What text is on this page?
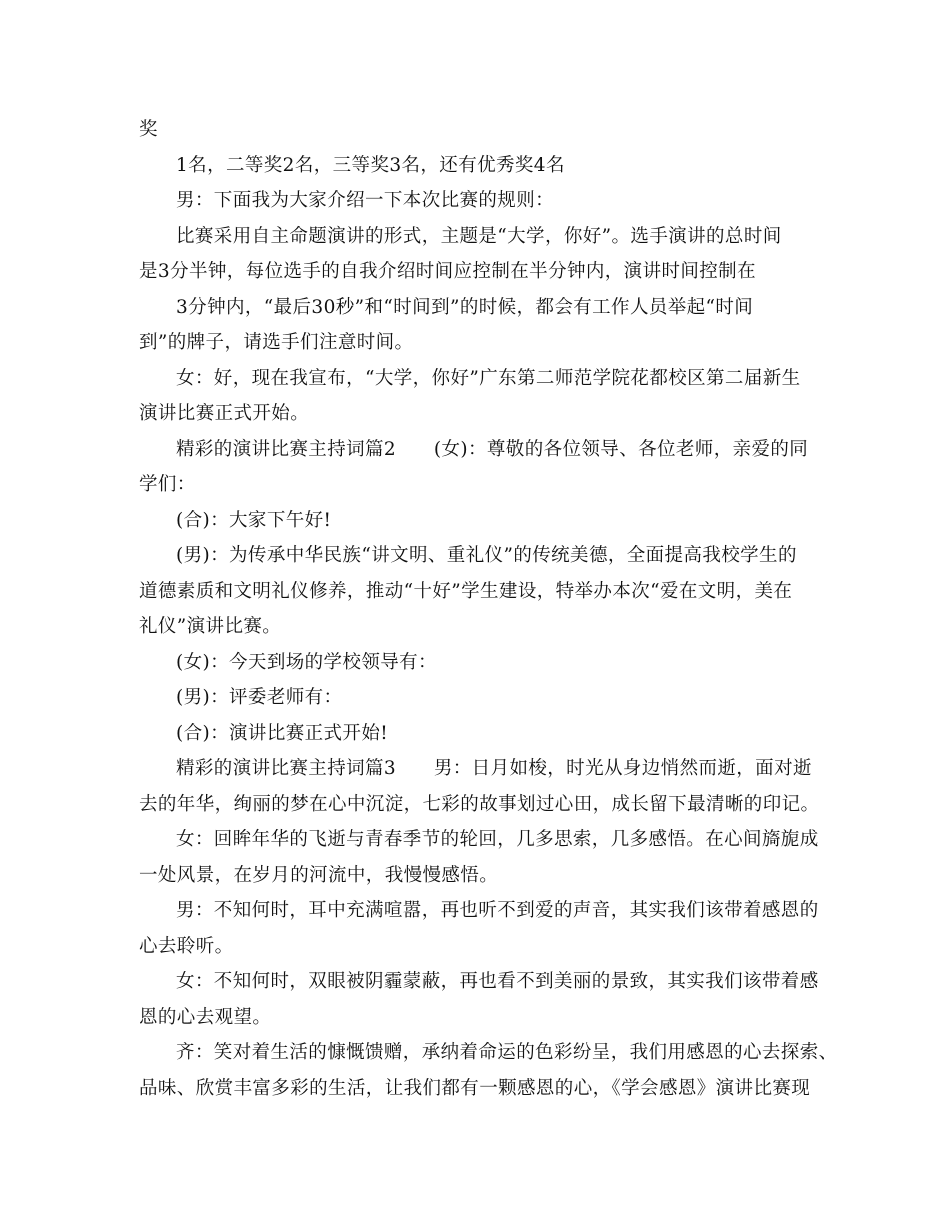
奖
1名，二等奖2名，三等奖3名，还有优秀奖4名
男：下面我为大家介绍一下本次比赛的规则：
比赛采用自主命题演讲的形式，主题是“大学，你好”。选手演讲的总时间
是3分半钟，每位选手的自我介绍时间应控制在半分钟内，演讲时间控制在
3分钟内，“最后30秒”和“时间到”的时候，都会有工作人员举起“时间
到”的牌子，请选手们注意时间。
女：好，现在我宣布，“大学，你好”广东第二师范学院花都校区第二届新生
演讲比赛正式开始。
精彩的演讲比赛主持词篇2　　(女)：尊敬的各位领导、各位老师，亲爱的同
学们：
(合)：大家下午好!
(男)：为传承中华民族“讲文明、重礼仪”的传统美德，全面提高我校学生的
道德素质和文明礼仪修养，推动“十好”学生建设，特举办本次“爱在文明，美在
礼仪”演讲比赛。
(女)：今天到场的学校领导有：
(男)：评委老师有：
(合)：演讲比赛正式开始!
精彩的演讲比赛主持词篇3　　男：日月如梭，时光从身边悄然而逝，面对逝
去的年华，绚丽的梦在心中沉淀，七彩的故事划过心田，成长留下最清晰的印记。
女：回眸年华的飞逝与青春季节的轮回，几多思索，几多感悟。在心间旖旎成
一处风景，在岁月的河流中，我慢慢感悟。
男：不知何时，耳中充满喧嚣，再也听不到爱的声音，其实我们该带着感恩的
心去聆听。
女：不知何时，双眼被阴霾蒙蔽，再也看不到美丽的景致，其实我们该带着感
恩的心去观望。
齐：笑对着生活的慷慨馈赠，承纳着命运的色彩纷呈，我们用感恩的心去探索、
品味、欣赏丰富多彩的生活，让我们都有一颗感恩的心，《学会感恩》演讲比赛现
